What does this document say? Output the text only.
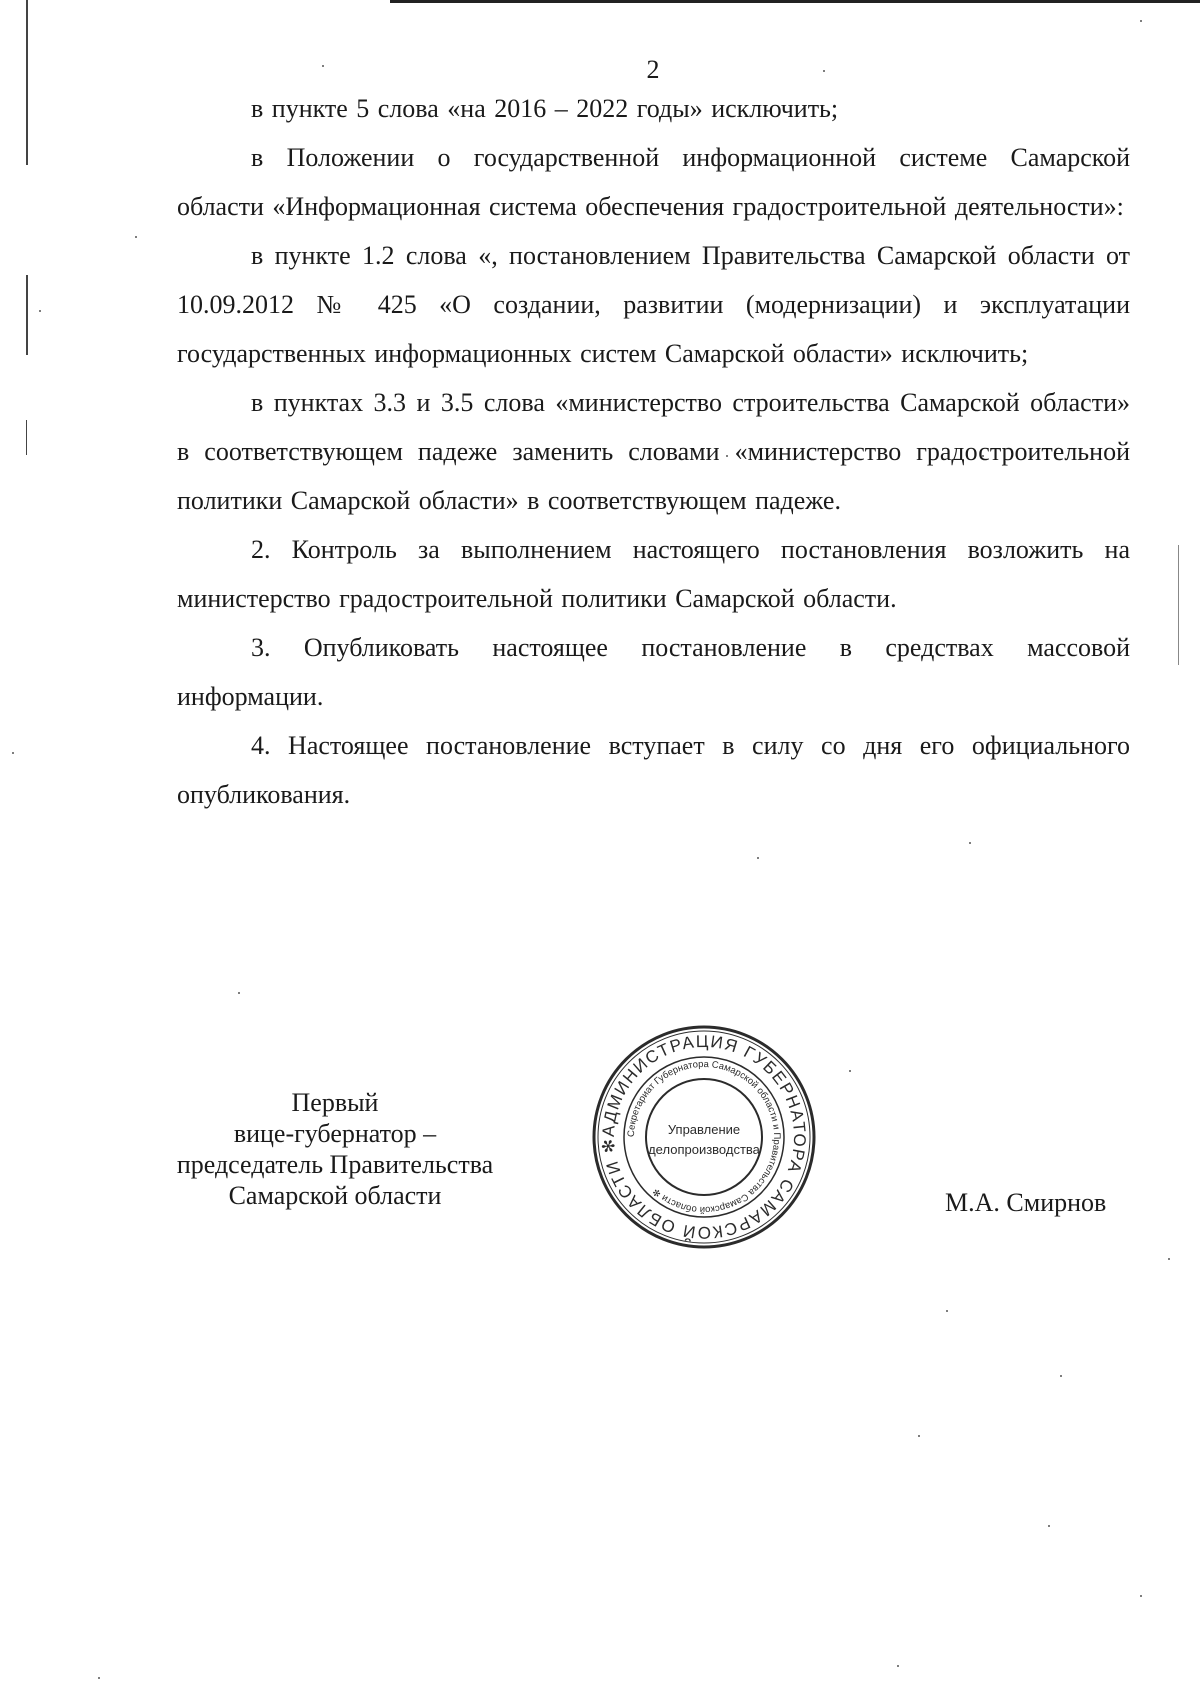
2

в пункте 5 слова «на 2016 – 2022 годы» исключить;

в Положении о государственной информационной системе Самарской области «Информационная система обеспечения градостроительной деятельности»:

в пункте 1.2 слова «, постановлением Правительства Самарской области от 10.09.2012 № 425 «О создании, развитии (модернизации) и эксплуатации государственных информационных систем Самарской области» исключить;

в пунктах 3.3 и 3.5 слова «министерство строительства Самарской области» в соответствующем падеже заменить словами «министерство градостроительной политики Самарской области» в соответствующем падеже.

2. Контроль за выполнением настоящего постановления возложить на министерство градостроительной политики Самарской области.

3. Опубликовать настоящее постановление в средствах массовой информации.

4. Настоящее постановление вступает в силу со дня его официального опубликования.

Первый
вице-губернатор –
председатель Правительства
Самарской области	М.А. Смирнов
АДМИНИСТРАЦИЯ ГУБЕРНАТОРА САМАРСКОЙ ОБЛАСТИ ✻
Секретариат Губернатора Самарской области и Правительства Самарской области ✻
Управление
делопроизводства
